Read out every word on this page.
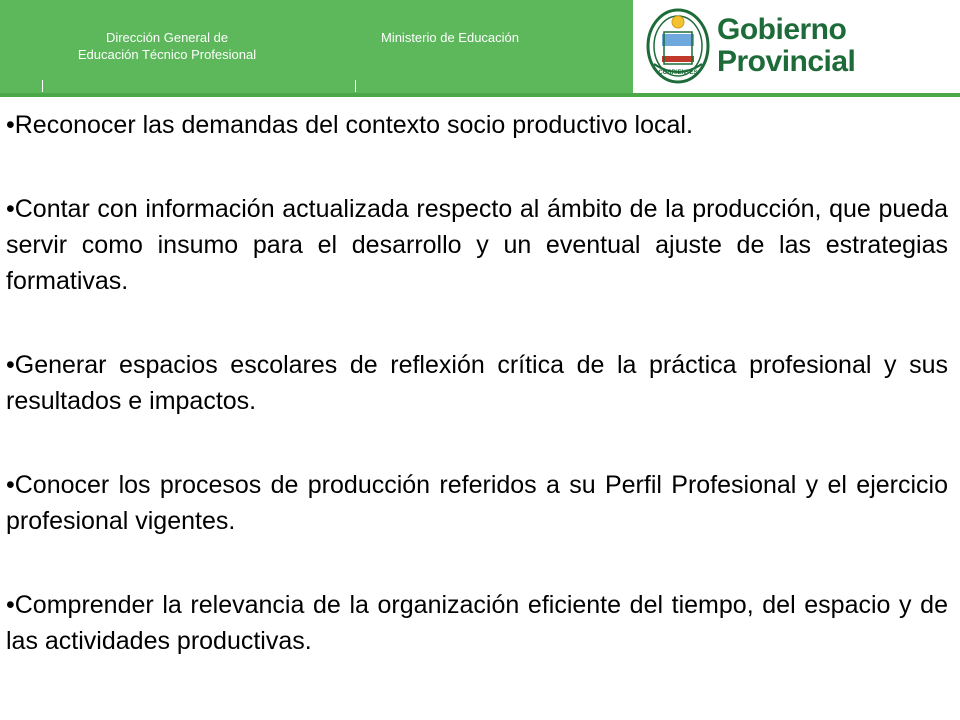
Dirección General de
Educación Técnico Profesional
Ministerio de Educación
CORRIENTES
Gobierno
Provincial

•Reconocer las demandas del contexto socio productivo local.

•Contar con información actualizada respecto al ámbito de la producción, que pueda servir como insumo para el desarrollo y un eventual ajuste de las estrategias formativas.

•Generar espacios escolares de reflexión crítica de la práctica profesional y sus resultados e impactos.

•Conocer los procesos de producción referidos a su Perfil Profesional y el ejercicio profesional vigentes.

•Comprender la relevancia de la organización eficiente del tiempo, del espacio y de las actividades productivas.
